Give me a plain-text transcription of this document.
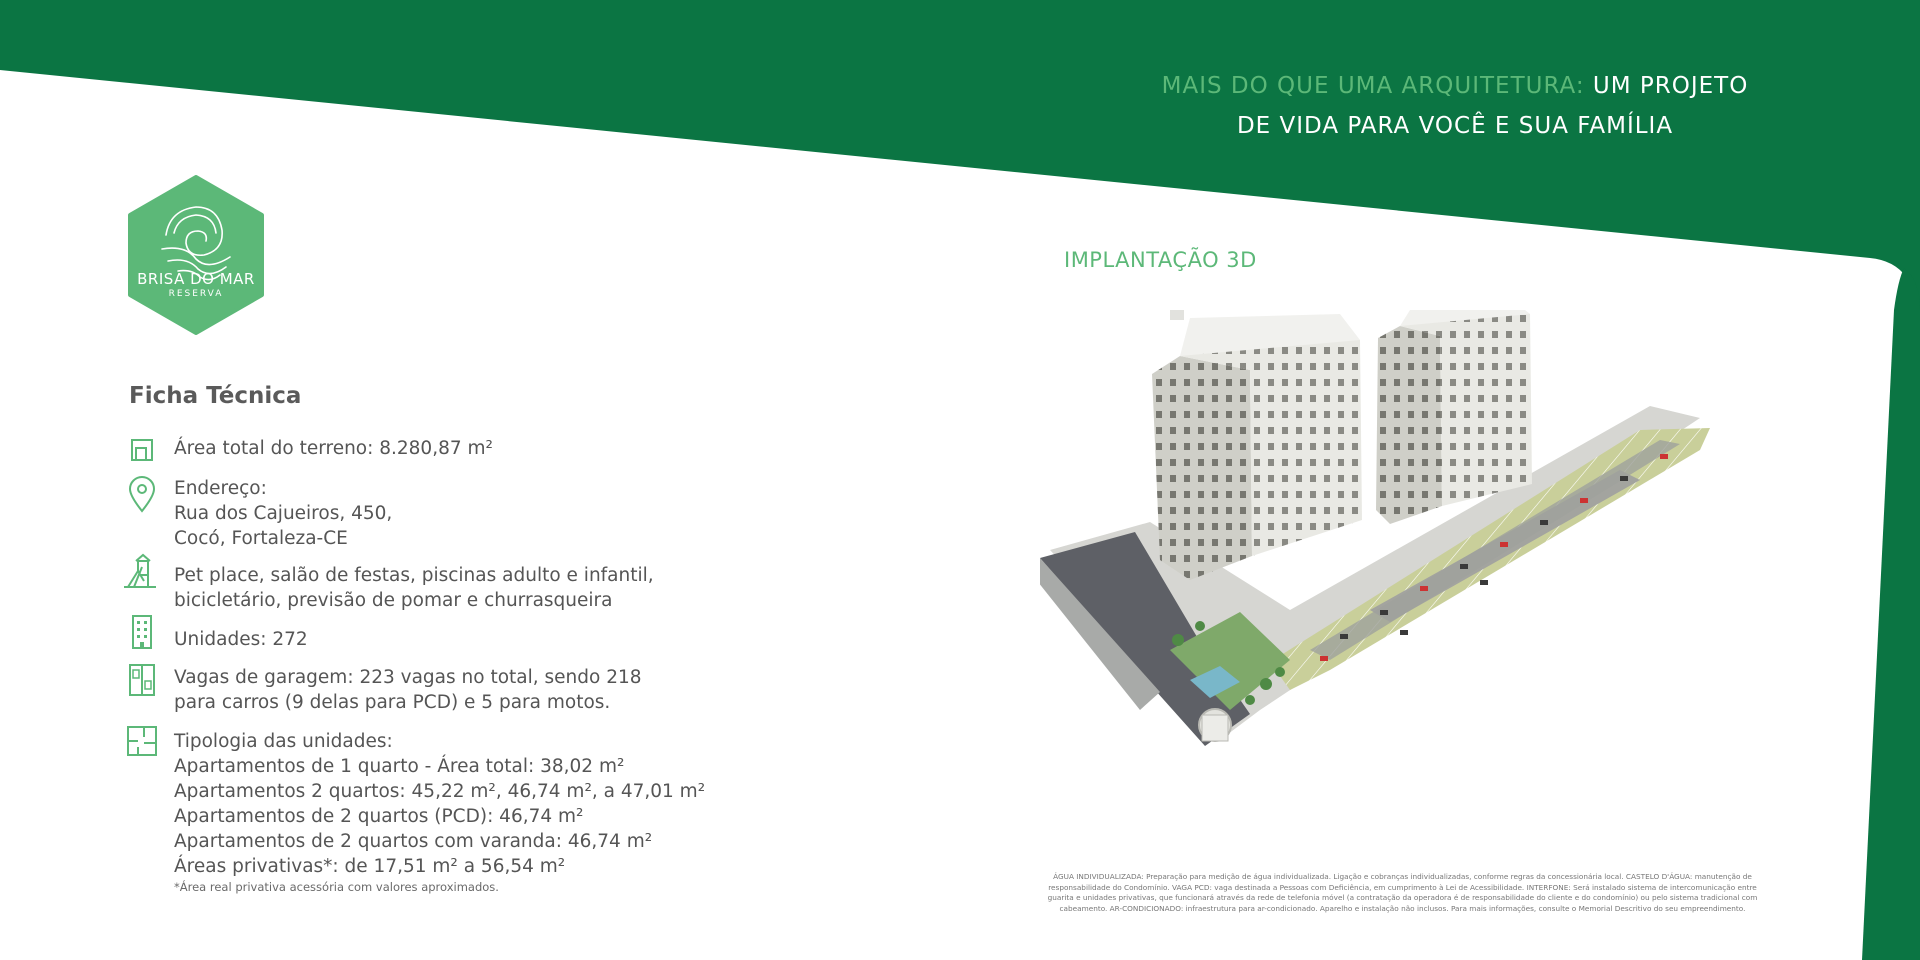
MAIS DO QUE UMA ARQUITETURA: UM PROJETO
DE VIDA PARA VOCÊ E SUA FAMÍLIA
BRISA DO MAR
RESERVA
Ficha Técnica
Área total do terreno: 8.280,87 m²
Endereço:
Rua dos Cajueiros, 450,
Cocó, Fortaleza-CE
Pet place, salão de festas, piscinas adulto e infantil,
bicicletário, previsão de pomar e churrasqueira
Unidades: 272
Vagas de garagem: 223 vagas no total, sendo 218
para carros (9 delas para PCD) e 5 para motos.
Tipologia das unidades:
Apartamentos de 1 quarto - Área total: 38,02 m²
Apartamentos 2 quartos: 45,22 m², 46,74 m², a 47,01 m²
Apartamentos de 2 quartos (PCD): 46,74 m²
Apartamentos de 2 quartos com varanda: 46,74 m²
Áreas privativas*: de 17,51 m² a 56,54 m²
*Área real privativa acessória com valores aproximados.
IMPLANTAÇÃO 3D
ÁGUA INDIVIDUALIZADA: Preparação para medição de água individualizada. Ligação e cobranças individualizadas, conforme regras da concessionária local. CASTELO D'ÁGUA: manutenção de
responsabilidade do Condomínio. VAGA PCD: vaga destinada a Pessoas com Deficiência, em cumprimento à Lei de Acessibilidade. INTERFONE: Será instalado sistema de intercomunicação entre
guarita e unidades privativas, que funcionará através da rede de telefonia móvel (a contratação da operadora é de responsabilidade do cliente e do condomínio) ou pelo sistema tradicional com
cabeamento. AR-CONDICIONADO: infraestrutura para ar-condicionado. Aparelho e instalação não inclusos. Para mais informações, consulte o Memorial Descritivo do seu empreendimento.
